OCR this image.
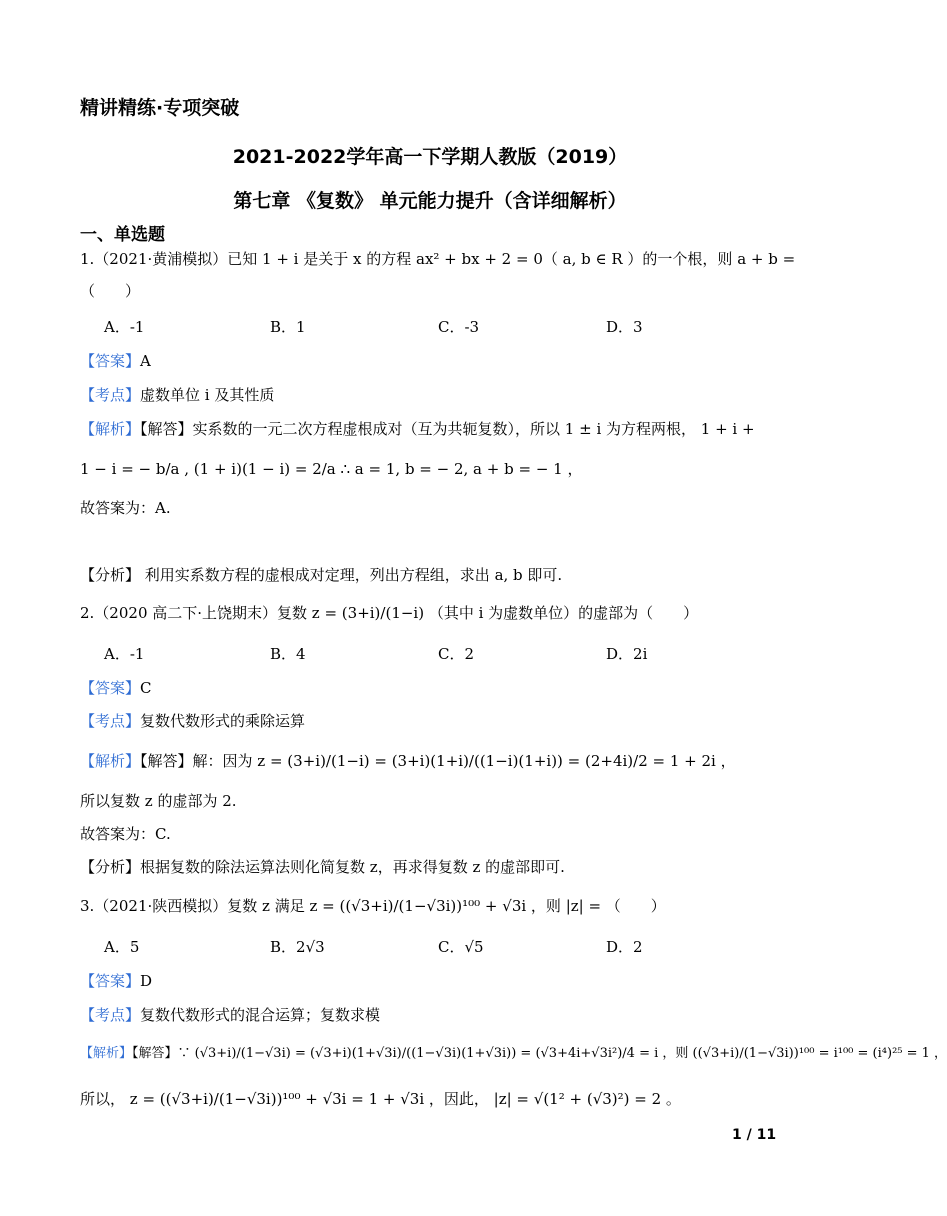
精讲精练·专项突破
2021-2022学年高一下学期人教版（2019）
第七章 《复数》 单元能力提升（含详细解析）
一、单选题
1.（2021·黄浦模拟）已知 1 + i 是关于 x 的方程 ax² + bx + 2 = 0（ a, b ∈ R ）的一个根，则 a + b =
（　　）
A．-1	B．1	C．-3	D．3
【答案】A
【考点】虚数单位 i 及其性质
【解析】【解答】实系数的一元二次方程虚根成对（互为共轭复数），所以 1 ± i 为方程两根， 1 + i +
1 − i = − b/a , (1 + i)(1 − i) = 2/a ∴ a = 1, b = − 2, a + b = − 1 ，
故答案为：A.
【分析】 利用实系数方程的虚根成对定理，列出方程组，求出 a, b 即可.
2.（2020 高二下·上饶期末）复数 z = (3+i)/(1−i) （其中 i 为虚数单位）的虚部为（　　）
A．-1	B．4	C．2	D．2i
【答案】C
【考点】复数代数形式的乘除运算
【解析】【解答】解：因为 z = (3+i)/(1−i) = (3+i)(1+i)/((1−i)(1+i)) = (2+4i)/2 = 1 + 2i ，
所以复数 z 的虚部为 2.
故答案为：C.
【分析】根据复数的除法运算法则化简复数 z，再求得复数 z 的虚部即可.
3.（2021·陕西模拟）复数 z 满足 z = ((√3+i)/(1−√3i))¹⁰⁰ + √3i ，则 |z| = （　　）
A．5	B．2√3	C．√5	D．2
【答案】D
【考点】复数代数形式的混合运算；复数求模
【解析】【解答】∵ (√3+i)/(1−√3i) = (√3+i)(1+√3i)/((1−√3i)(1+√3i)) = (√3+4i+√3i²)/4 = i ，则 ((√3+i)/(1−√3i))¹⁰⁰ = i¹⁰⁰ = (i⁴)²⁵ = 1 ，
所以， z = ((√3+i)/(1−√3i))¹⁰⁰ + √3i = 1 + √3i ，因此， |z| = √(1² + (√3)²) = 2 。
1 / 11
